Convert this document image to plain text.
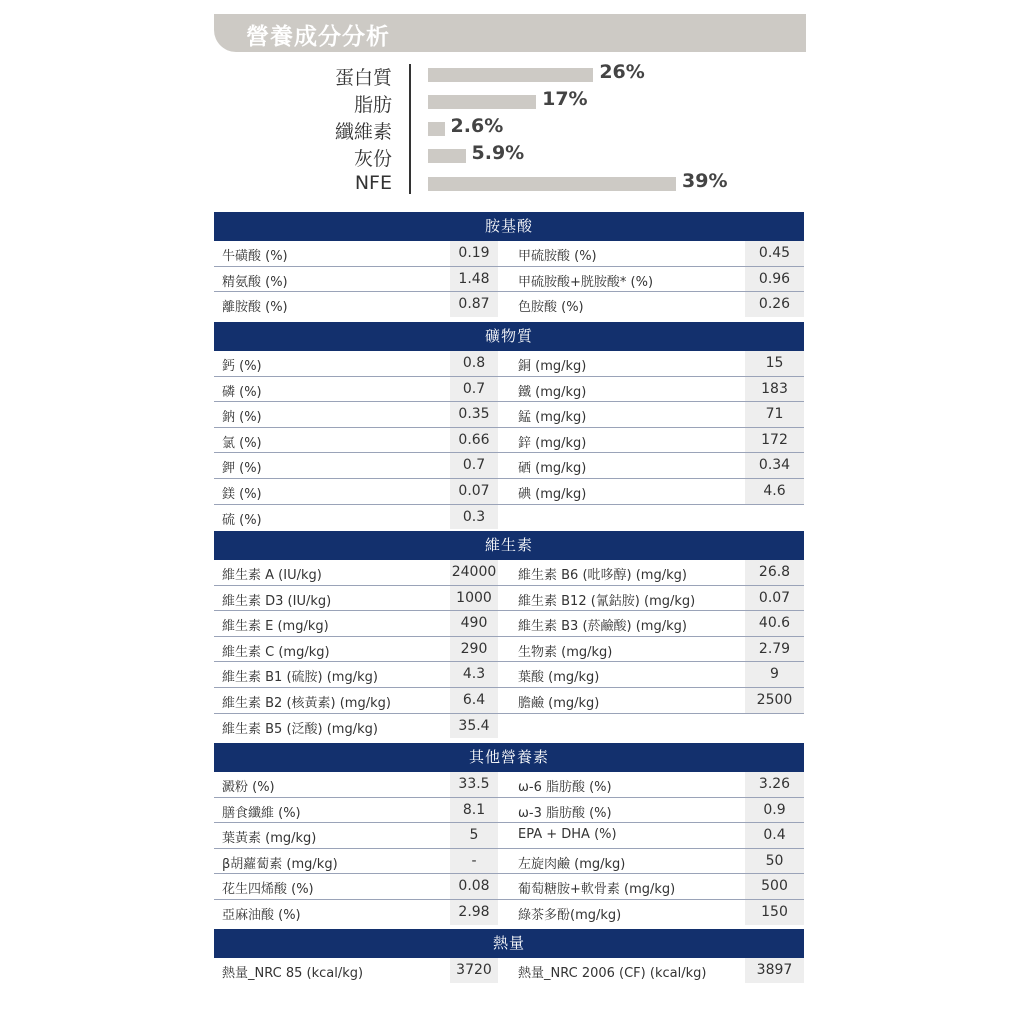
營養成分分析
蛋白質	26%
脂肪	17%
纖維素	2.6%
灰份	5.9%
NFE	39%
胺基酸
牛磺酸 (%)	0.19	甲硫胺酸 (%)	0.45
精氨酸 (%)	1.48	甲硫胺酸+胱胺酸* (%)	0.96
離胺酸 (%)	0.87	色胺酸 (%)	0.26
礦物質
鈣 (%)	0.8	銅 (mg/kg)	15
磷 (%)	0.7	鐵 (mg/kg)	183
鈉 (%)	0.35	錳 (mg/kg)	71
氯 (%)	0.66	鋅 (mg/kg)	172
鉀 (%)	0.7	硒 (mg/kg)	0.34
鎂 (%)	0.07	碘 (mg/kg)	4.6
硫 (%)	0.3
維生素
維生素 A (IU/kg)	24000 維生素 B6 (吡哆醇) (mg/kg)	26.8
維生素 D3 (IU/kg)	1000	維生素 B12 (氰鈷胺) (mg/kg)	0.07
維生素 E (mg/kg)	490	維生素 B3 (菸鹼酸) (mg/kg)	40.6
維生素 C (mg/kg)	290	生物素 (mg/kg)	2.79
維生素 B1 (硫胺) (mg/kg)	4.3	葉酸 (mg/kg)	9
維生素 B2 (核黃素) (mg/kg)	6.4	膽鹼 (mg/kg)	2500
維生素 B5 (泛酸) (mg/kg)	35.4
其他營養素
澱粉 (%)	33.5	ω-6 脂肪酸 (%)	3.26
膳食纖維 (%)	8.1	ω-3 脂肪酸 (%)	0.9
葉黃素 (mg/kg)	5	EPA + DHA (%)	0.4
β胡蘿蔔素 (mg/kg)	-	左旋肉鹼 (mg/kg)	50
花生四烯酸 (%)	0.08	葡萄糖胺+軟骨素 (mg/kg)	500
亞麻油酸 (%)	2.98	綠茶多酚(mg/kg)	150
熱量
熱量_NRC 85 (kcal/kg)	3720	熱量_NRC 2006 (CF) (kcal/kg)	3897
